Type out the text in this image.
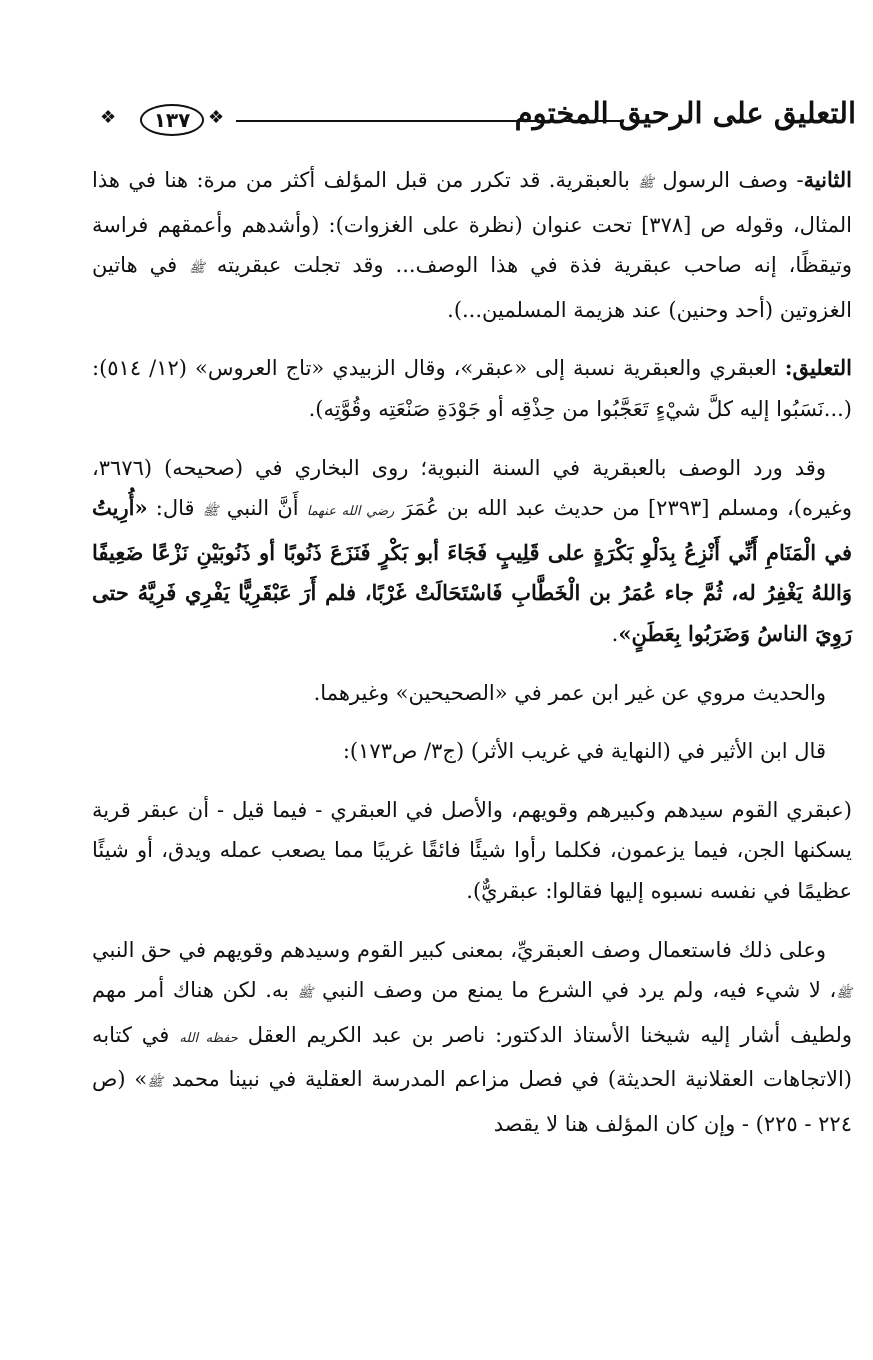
التعليق على الرحيق المختوم
❖	١٣٧ ❖

الثانية- وصف الرسول ﷺ بالعبقرية. قد تكرر من قبل المؤلف أكثر من مرة: هنا في هذا المثال، وقوله ص [٣٧٨] تحت عنوان (نظرة على الغزوات): (وأشدهم وأعمقهم فراسة وتيقظًا، إنه صاحب عبقرية فذة في هذا الوصف... وقد تجلت عبقريته ﷺ في هاتين الغزوتين (أحد وحنين) عند هزيمة المسلمين...).

التعليق: العبقري والعبقرية نسبة إلى «عبقر»، وقال الزبيدي «تاج العروس» (١٢/ ٥١٤): (...نَسَبُوا إليه كلَّ شيْءٍ تَعَجَّبُوا من حِذْقِه أو جَوْدَةِ صَنْعَتِه وقُوَّتِه).

وقد ورد الوصف بالعبقرية في السنة النبوية؛ روى البخاري في (صحيحه) (٣٦٧٦، وغيره)، ومسلم [٢٣٩٣] من حديث عبد الله بن عُمَرَ رضي الله عنهما أَنَّ النبي ﷺ قال: «أُرِيتُ في الْمَنَامِ أَنِّي أَنْزِعُ بِدَلْوِ بَكْرَةٍ على قَلِيبٍ فَجَاءَ أبو بَكْرٍ فَنَزَعَ ذَنُوبًا أو ذَنُوبَيْنِ نَزْعًا ضَعِيفًا وَاللهُ يَغْفِرُ له، ثُمَّ جاء عُمَرُ بن الْخَطَّابِ فَاسْتَحَالَتْ غَرْبًا، فلم أَرَ عَبْقَرِيًّا يَفْرِي فَرِيَّهُ حتى رَوِيَ الناسُ وَضَرَبُوا بِعَطَنٍ».

والحديث مروي عن غير ابن عمر في «الصحيحين» وغيرهما.

قال ابن الأثير في (النهاية في غريب الأثر) (ج٣/ ص١٧٣):

(عبقري القوم سيدهم وكبيرهم وقويهم، والأصل في العبقري - فيما قيل - أن عبقر قرية يسكنها الجن، فيما يزعمون، فكلما رأوا شيئًا فائقًا غريبًا مما يصعب عمله ويدق، أو شيئًا عظيمًا في نفسه نسبوه إليها فقالوا: عبقريٌّ).

وعلى ذلك فاستعمال وصف العبقريِّ، بمعنى كبير القوم وسيدهم وقويهم في حق النبي ﷺ، لا شيء فيه، ولم يرد في الشرع ما يمنع من وصف النبي ﷺ به. لكن هناك أمر مهم ولطيف أشار إليه شيخنا الأستاذ الدكتور: ناصر بن عبد الكريم العقل حفظه الله في كتابه (الاتجاهات العقلانية الحديثة) في فصل مزاعم المدرسة العقلية في نبينا محمد ﷺ» (ص ٢٢٤ - ٢٢٥) - وإن كان المؤلف هنا لا يقصد
